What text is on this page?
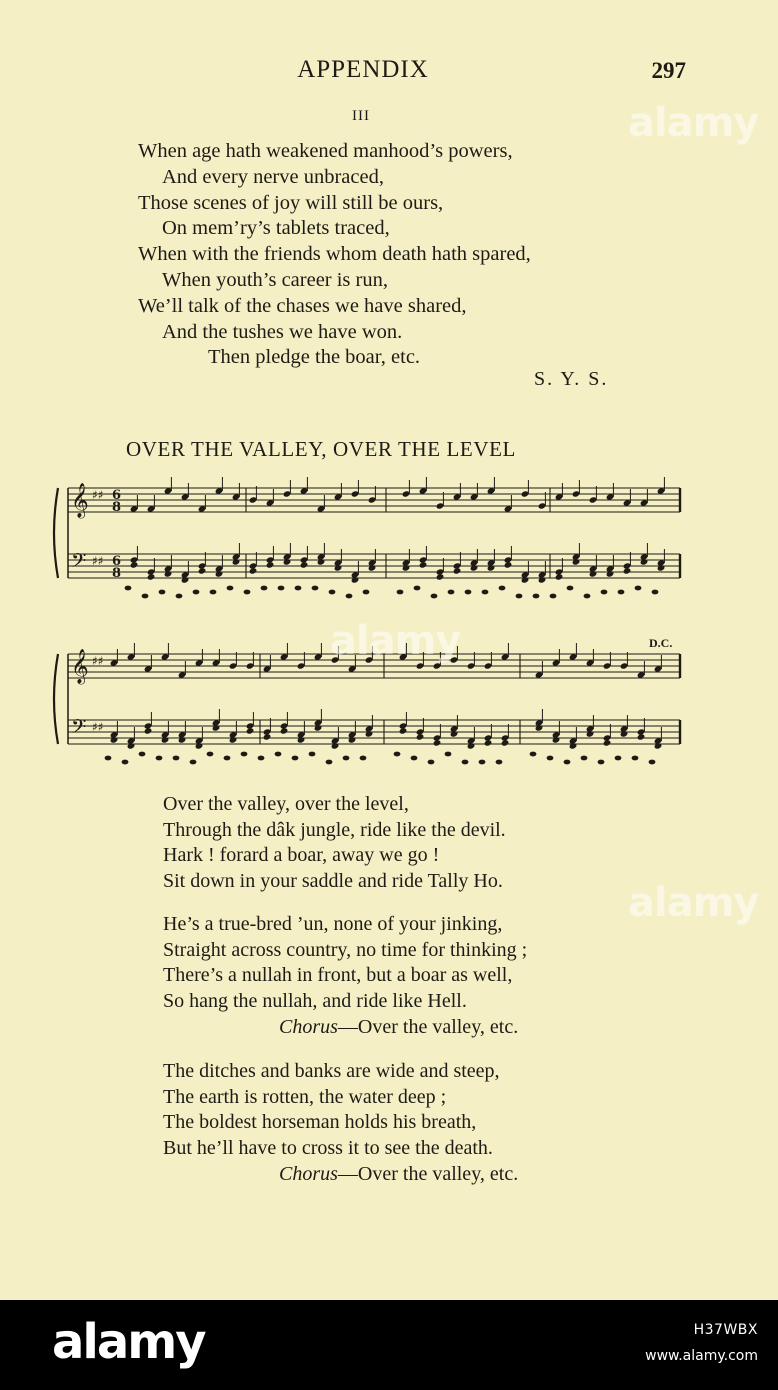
APPENDIX	297
III
When age hath weakened manhood’s powers,
And every nerve unbraced,
Those scenes of joy will still be ours,
On mem’ry’s tablets traced,
When with the friends whom death hath spared,
When youth’s career is run,
We’ll talk of the chases we have shared,
And the tushes we have won.
Then pledge the boar, etc.
S. Y. S.
OVER THE VALLEY, OVER THE LEVEL
𝄞 ♯♯ 6
8
𝄢 ♯♯ 6
8
D.C.
𝄞 ♯♯
𝄢 ♯♯
Over the valley, over the level,
Through the dâk jungle, ride like the devil.
Hark ! forard a boar, away we go !
Sit down in your saddle and ride Tally Ho.
He’s a true-bred ’un, none of your jinking,
Straight across country, no time for thinking ;
There’s a nullah in front, but a boar as well,
So hang the nullah, and ride like Hell.
Chorus—Over the valley, etc.
The ditches and banks are wide and steep,
The earth is rotten, the water deep ;
The boldest horseman holds his breath,
But he’ll have to cross it to see the death.
Chorus—Over the valley, etc.
alamy
alamy
alamy
alamy	H37WBX
www.alamy.com
